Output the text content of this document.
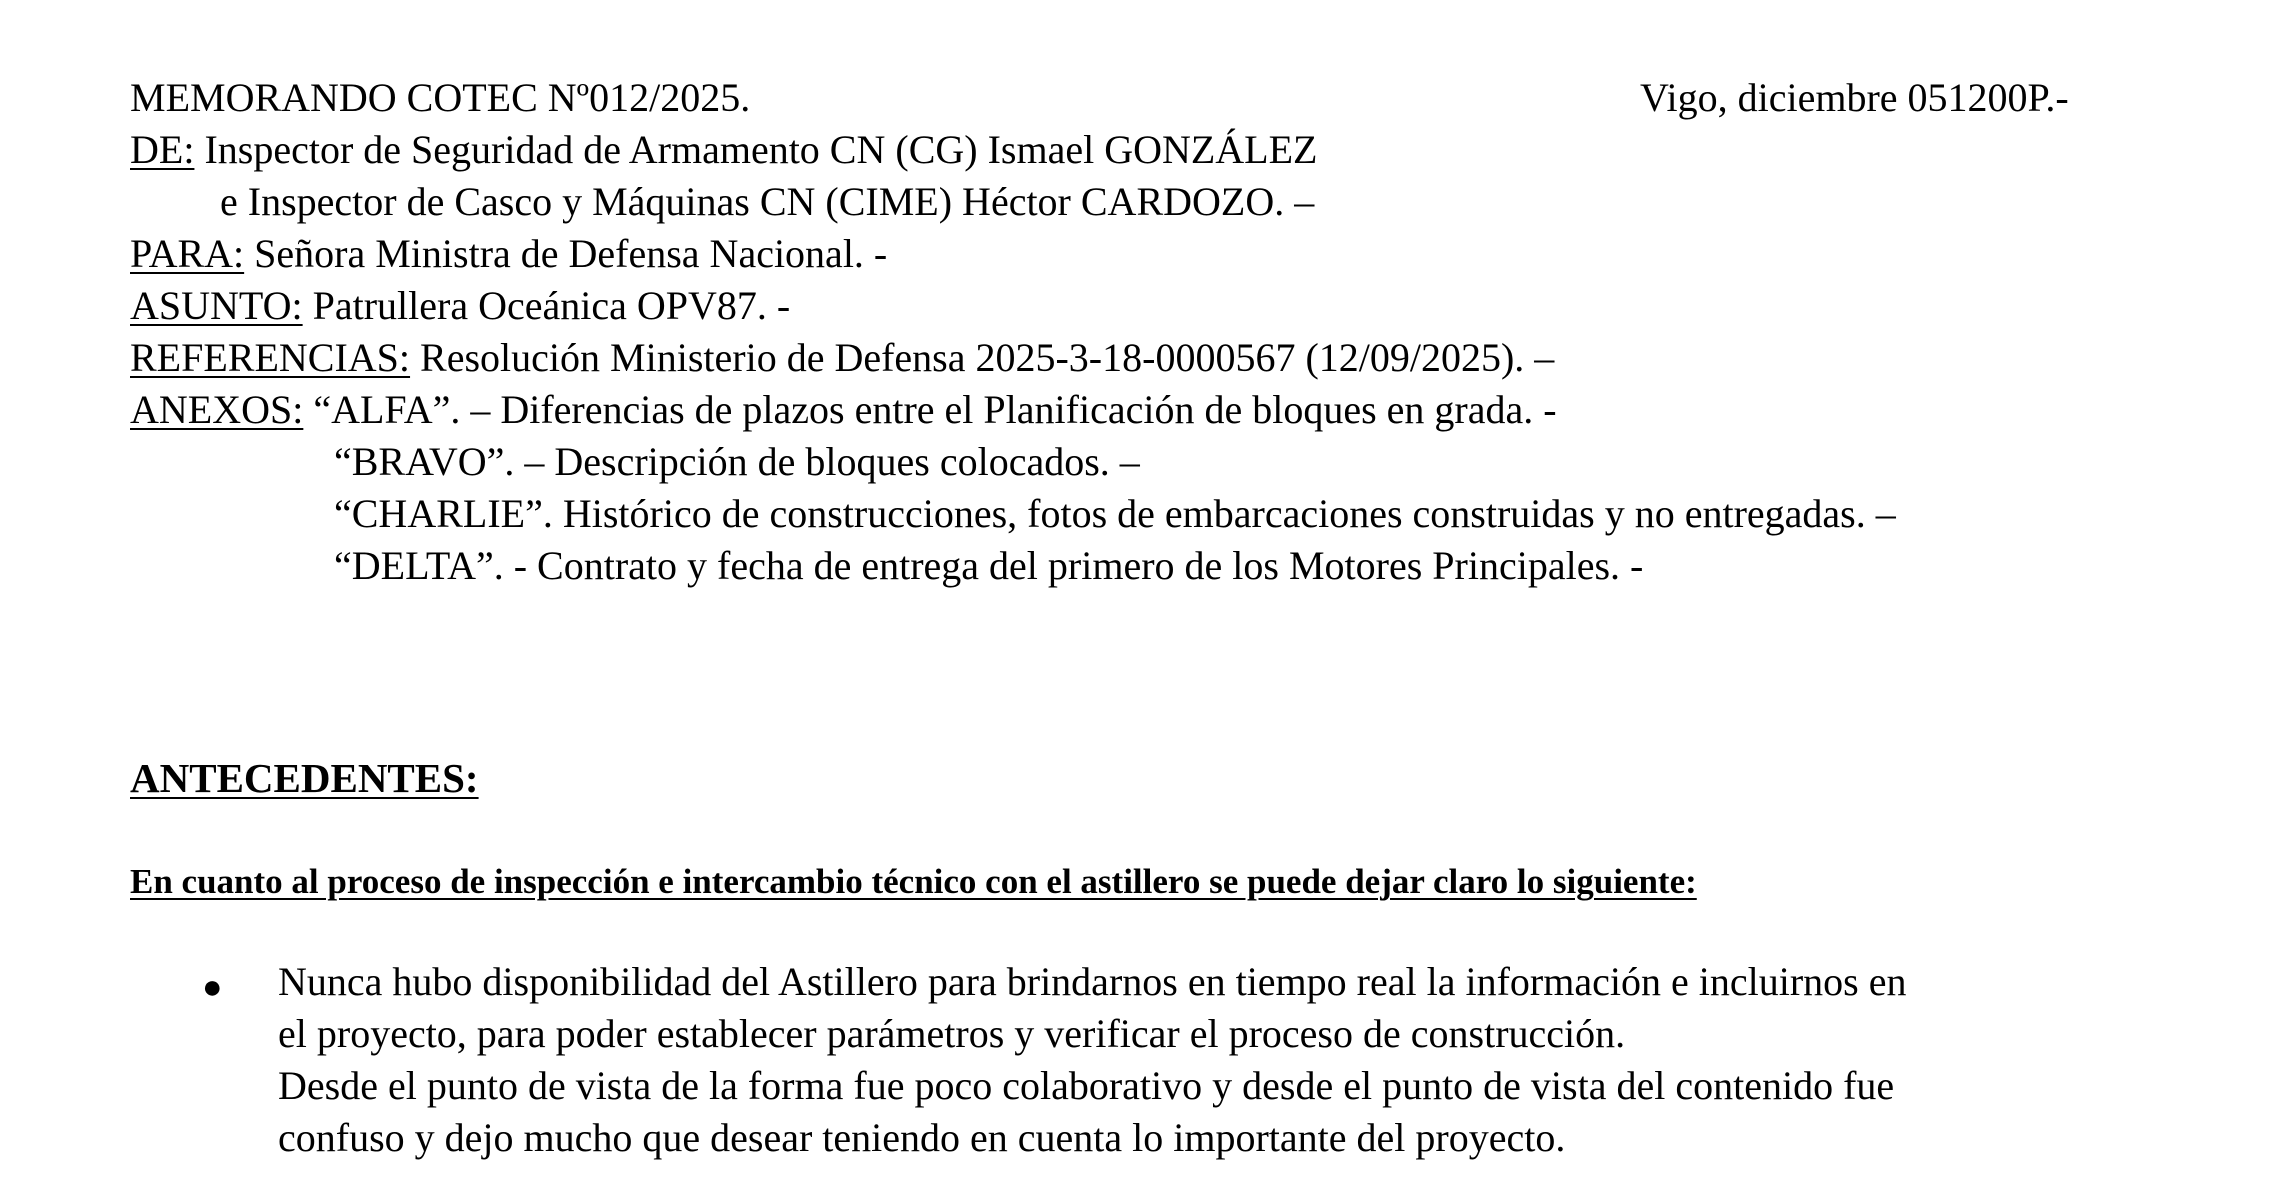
MEMORANDO COTEC Nº012/2025.	Vigo, diciembre 051200P.-
DE: Inspector de Seguridad de Armamento CN (CG) Ismael GONZÁLEZ
e Inspector de Casco y Máquinas CN (CIME) Héctor CARDOZO. –
PARA: Señora Ministra de Defensa Nacional. -
ASUNTO: Patrullera Oceánica OPV87. -
REFERENCIAS: Resolución Ministerio de Defensa 2025-3-18-0000567 (12/09/2025). –
ANEXOS: “ALFA”. – Diferencias de plazos entre el Planificación de bloques en grada. -
“BRAVO”. – Descripción de bloques colocados. –
“CHARLIE”. Histórico de construcciones, fotos de embarcaciones construidas y no entregadas. –
“DELTA”. - Contrato y fecha de entrega del primero de los Motores Principales. -
ANTECEDENTES:
En cuanto al proceso de inspección e intercambio técnico con el astillero se puede dejar claro lo siguiente:
● Nunca hubo disponibilidad del Astillero para brindarnos en tiempo real la información e incluirnos en
el proyecto, para poder establecer parámetros y verificar el proceso de construcción.
Desde el punto de vista de la forma fue poco colaborativo y desde el punto de vista del contenido fue
confuso y dejo mucho que desear teniendo en cuenta lo importante del proyecto.
